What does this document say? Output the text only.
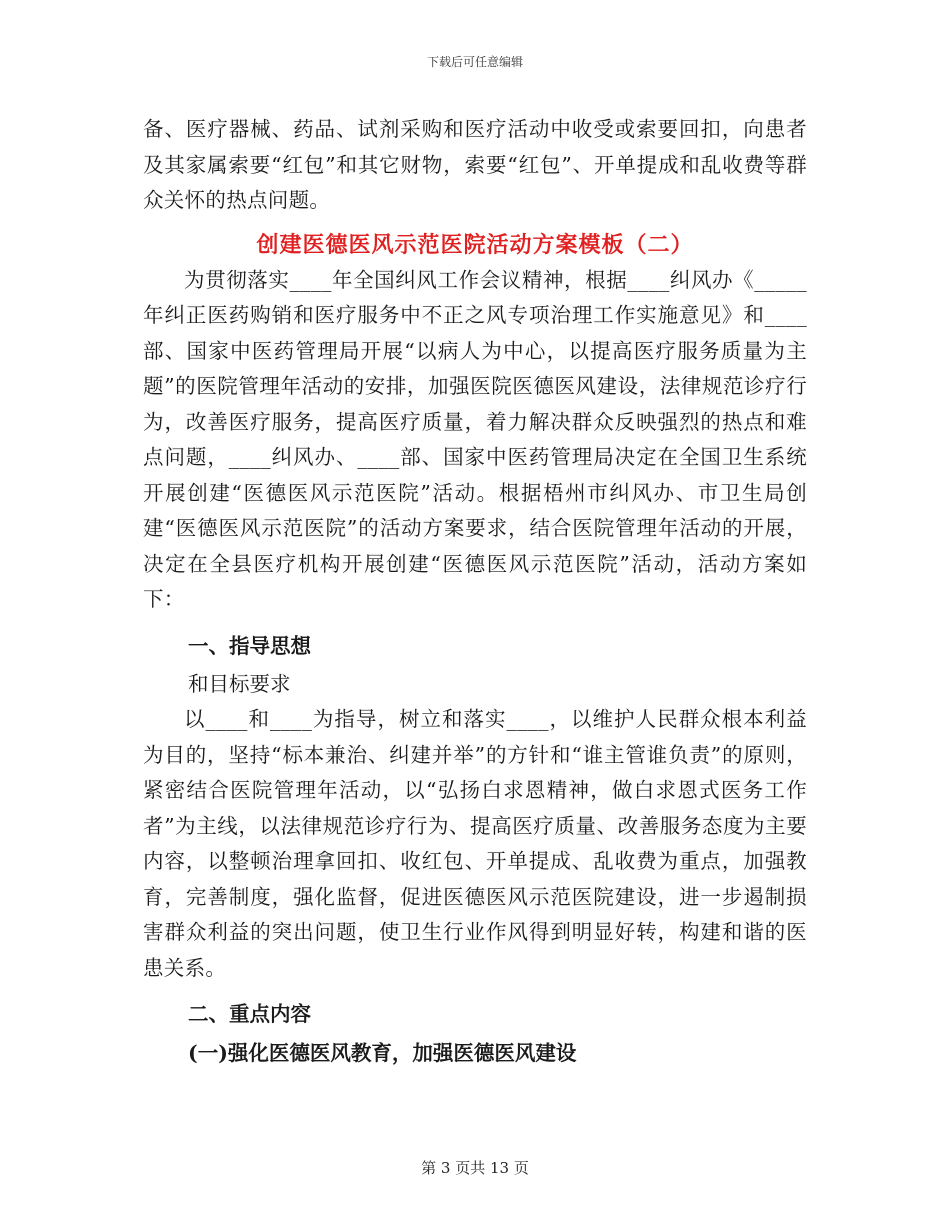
下载后可任意编辑

备、医疗器械、药品、试剂采购和医疗活动中收受或索要回扣，向患者及其家属索要“红包”和其它财物，索要“红包”、开单提成和乱收费等群众关怀的热点问题。

创建医德医风示范医院活动方案模板（二）

为贯彻落实____年全国纠风工作会议精神，根据____纠风办《_____年纠正医药购销和医疗服务中不正之风专项治理工作实施意见》和____部、国家中医药管理局开展“以病人为中心，以提高医疗服务质量为主题”的医院管理年活动的安排，加强医院医德医风建设，法律规范诊疗行为，改善医疗服务，提高医疗质量，着力解决群众反映强烈的热点和难点问题，____纠风办、____部、国家中医药管理局决定在全国卫生系统开展创建“医德医风示范医院”活动。根据梧州市纠风办、市卫生局创建“医德医风示范医院”的活动方案要求，结合医院管理年活动的开展，决定在全县医疗机构开展创建“医德医风示范医院”活动，活动方案如下：

一、指导思想
和目标要求

以____和____为指导，树立和落实____，以维护人民群众根本利益为目的，坚持“标本兼治、纠建并举”的方针和“谁主管谁负责”的原则，紧密结合医院管理年活动，以“弘扬白求恩精神，做白求恩式医务工作者”为主线，以法律规范诊疗行为、提高医疗质量、改善服务态度为主要内容，以整顿治理拿回扣、收红包、开单提成、乱收费为重点，加强教育，完善制度，强化监督，促进医德医风示范医院建设，进一步遏制损害群众利益的突出问题，使卫生行业作风得到明显好转，构建和谐的医患关系。

二、重点内容
(一)强化医德医风教育，加强医德医风建设
第 3 页共 13 页
